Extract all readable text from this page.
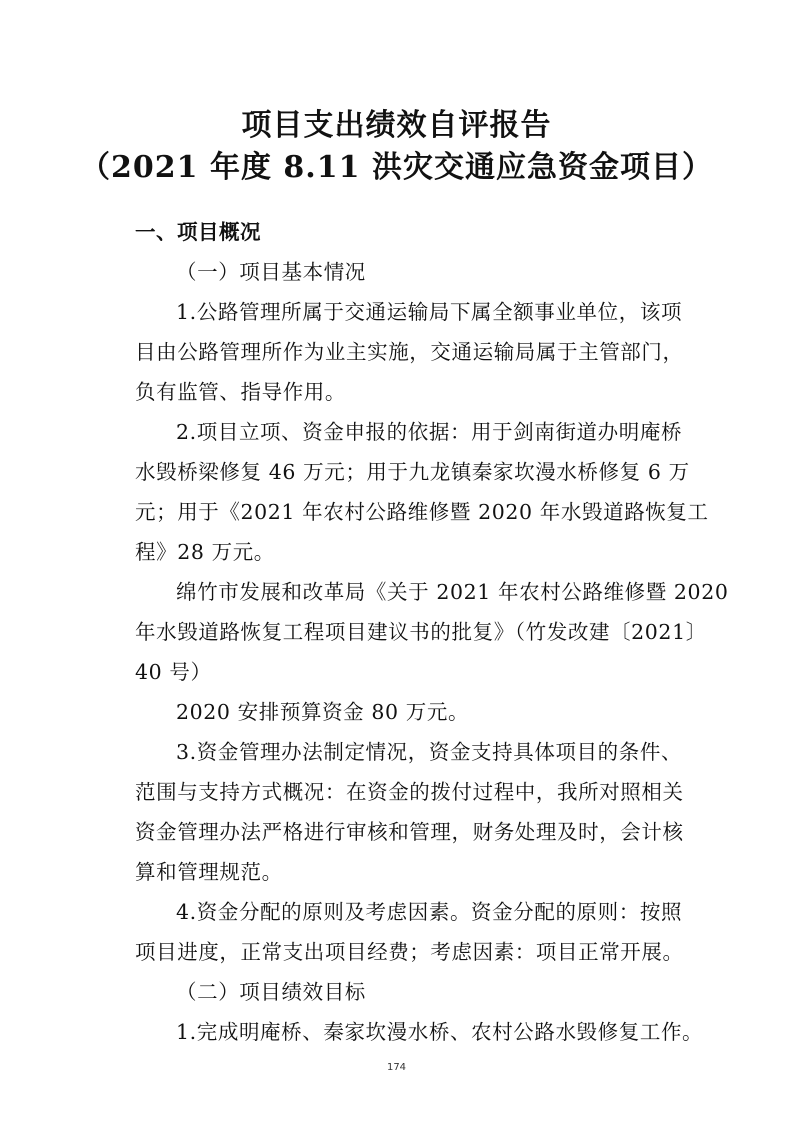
项目支出绩效自评报告
（2021 年度 8.11 洪灾交通应急资金项目）
一、项目概况
（一）项目基本情况
1.公路管理所属于交通运输局下属全额事业单位，该项
目由公路管理所作为业主实施，交通运输局属于主管部门，
负有监管、指导作用。
2.项目立项、资金申报的依据：用于剑南街道办明庵桥
水毁桥梁修复 46 万元；用于九龙镇秦家坎漫水桥修复 6 万
元；用于《2021 年农村公路维修暨 2020 年水毁道路恢复工
程》28 万元。
绵竹市发展和改革局《关于 2021 年农村公路维修暨 2020
年水毁道路恢复工程项目建议书的批复》（竹发改建〔2021〕
40 号）
2020 安排预算资金 80 万元。
3.资金管理办法制定情况，资金支持具体项目的条件、
范围与支持方式概况：在资金的拨付过程中，我所对照相关
资金管理办法严格进行审核和管理，财务处理及时，会计核
算和管理规范。
4.资金分配的原则及考虑因素。资金分配的原则：按照
项目进度，正常支出项目经费；考虑因素：项目正常开展。
（二）项目绩效目标
1.完成明庵桥、秦家坎漫水桥、农村公路水毁修复工作。
174
